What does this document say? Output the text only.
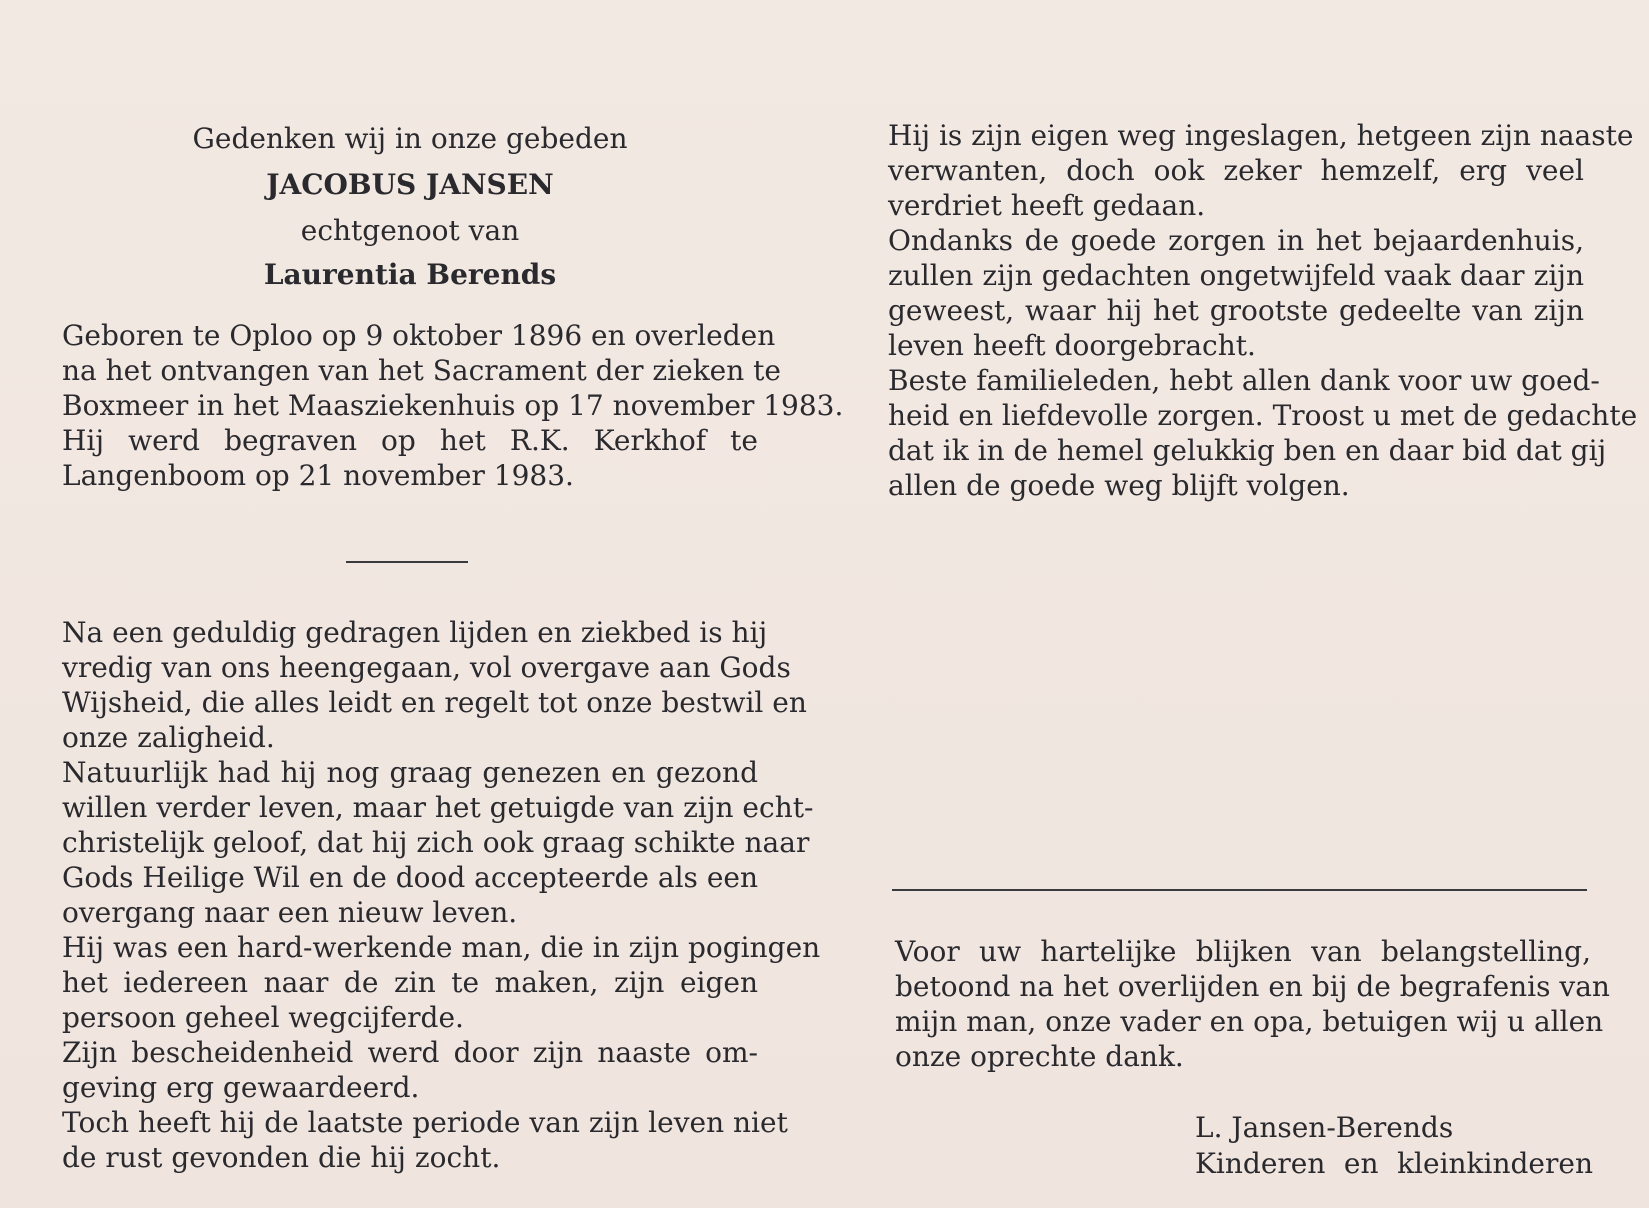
Gedenken wij in onze gebeden
JACOBUS JANSEN
echtgenoot van
Laurentia Berends
Geboren te Oploo op 9 oktober 1896 en overleden
na het ontvangen van het Sacrament der zieken te
Boxmeer in het Maasziekenhuis op 17 november 1983.
Hij werd begraven op het R.K. Kerkhof te
Langenboom op 21 november 1983.
Na een geduldig gedragen lijden en ziekbed is hij
vredig van ons heengegaan, vol overgave aan Gods
Wijsheid, die alles leidt en regelt tot onze bestwil en
onze zaligheid.
Natuurlijk had hij nog graag genezen en gezond
willen verder leven, maar het getuigde van zijn echt-
christelijk geloof, dat hij zich ook graag schikte naar
Gods Heilige Wil en de dood accepteerde als een
overgang naar een nieuw leven.
Hij was een hard-werkende man, die in zijn pogingen
het iedereen naar de zin te maken, zijn eigen
persoon geheel wegcijferde.
Zijn bescheidenheid werd door zijn naaste om-
geving erg gewaardeerd.
Toch heeft hij de laatste periode van zijn leven niet
de rust gevonden die hij zocht.
Hij is zijn eigen weg ingeslagen, hetgeen zijn naaste
verwanten, doch ook zeker hemzelf, erg veel
verdriet heeft gedaan.
Ondanks de goede zorgen in het bejaardenhuis,
zullen zijn gedachten ongetwijfeld vaak daar zijn
geweest, waar hij het grootste gedeelte van zijn
leven heeft doorgebracht.
Beste familieleden, hebt allen dank voor uw goed-
heid en liefdevolle zorgen. Troost u met de gedachte
dat ik in de hemel gelukkig ben en daar bid dat gij
allen de goede weg blijft volgen.
Voor uw hartelijke blijken van belangstelling,
betoond na het overlijden en bij de begrafenis van
mijn man, onze vader en opa, betuigen wij u allen
onze oprechte dank.
L. Jansen-Berends
Kinderen en kleinkinderen
